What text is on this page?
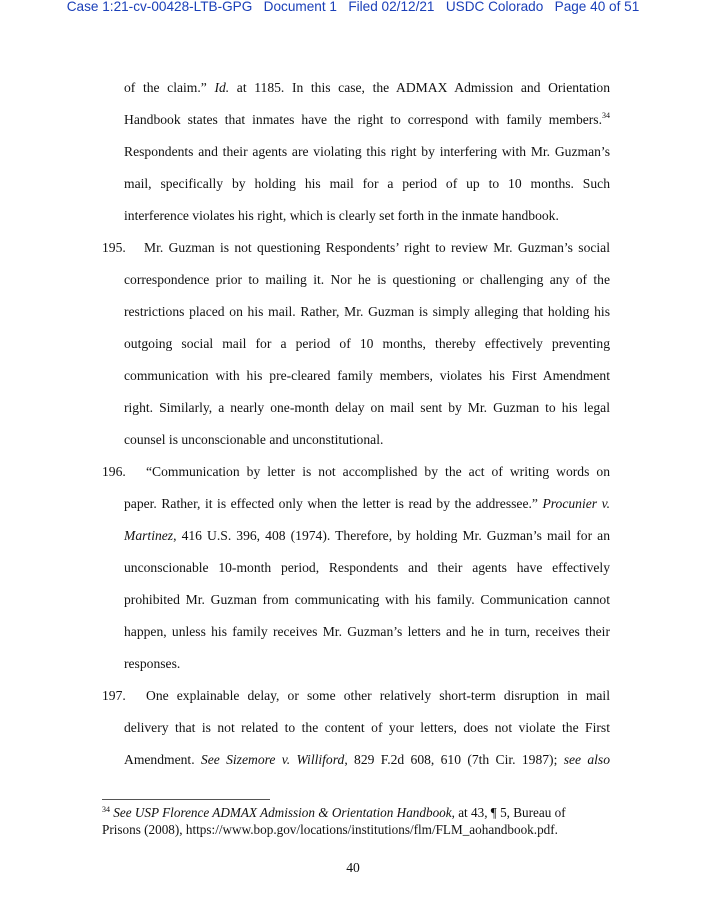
Case 1:21-cv-00428-LTB-GPG Document 1 Filed 02/12/21 USDC Colorado Page 40 of 51
of the claim.” Id. at 1185. In this case, the ADMAX Admission and Orientation
Handbook states that inmates have the right to correspond with family members.$^{34}$
Respondents and their agents are violating this right by interfering with Mr. Guzman’s
mail, specifically by holding his mail for a period of up to 10 months. Such
interference violates his right, which is clearly set forth in the inmate handbook.
195. Mr. Guzman is not questioning Respondents’ right to review Mr. Guzman’s social
correspondence prior to mailing it. Nor he is questioning or challenging any of the
restrictions placed on his mail. Rather, Mr. Guzman is simply alleging that holding his
outgoing social mail for a period of 10 months, thereby effectively preventing
communication with his pre-cleared family members, violates his First Amendment
right. Similarly, a nearly one-month delay on mail sent by Mr. Guzman to his legal
counsel is unconscionable and unconstitutional.
196. “Communication by letter is not accomplished by the act of writing words on
paper. Rather, it is effected only when the letter is read by the addressee.” Procunier v.
Martinez, 416 U.S. 396, 408 (1974). Therefore, by holding Mr. Guzman’s mail for an
unconscionable 10-month period, Respondents and their agents have effectively
prohibited Mr. Guzman from communicating with his family. Communication cannot
happen, unless his family receives Mr. Guzman’s letters and he in turn, receives their
responses.
197. One explainable delay, or some other relatively short-term disruption in mail
delivery that is not related to the content of your letters, does not violate the First
Amendment. See Sizemore v. Williford, 829 F.2d 608, 610 (7th Cir. 1987); see also
$^{34}$ See USP Florence ADMAX Admission & Orientation Handbook, at 43, ¶ 5, Bureau of
Prisons (2008), https://www.bop.gov/locations/institutions/flm/FLM_aohandbook.pdf.
40
